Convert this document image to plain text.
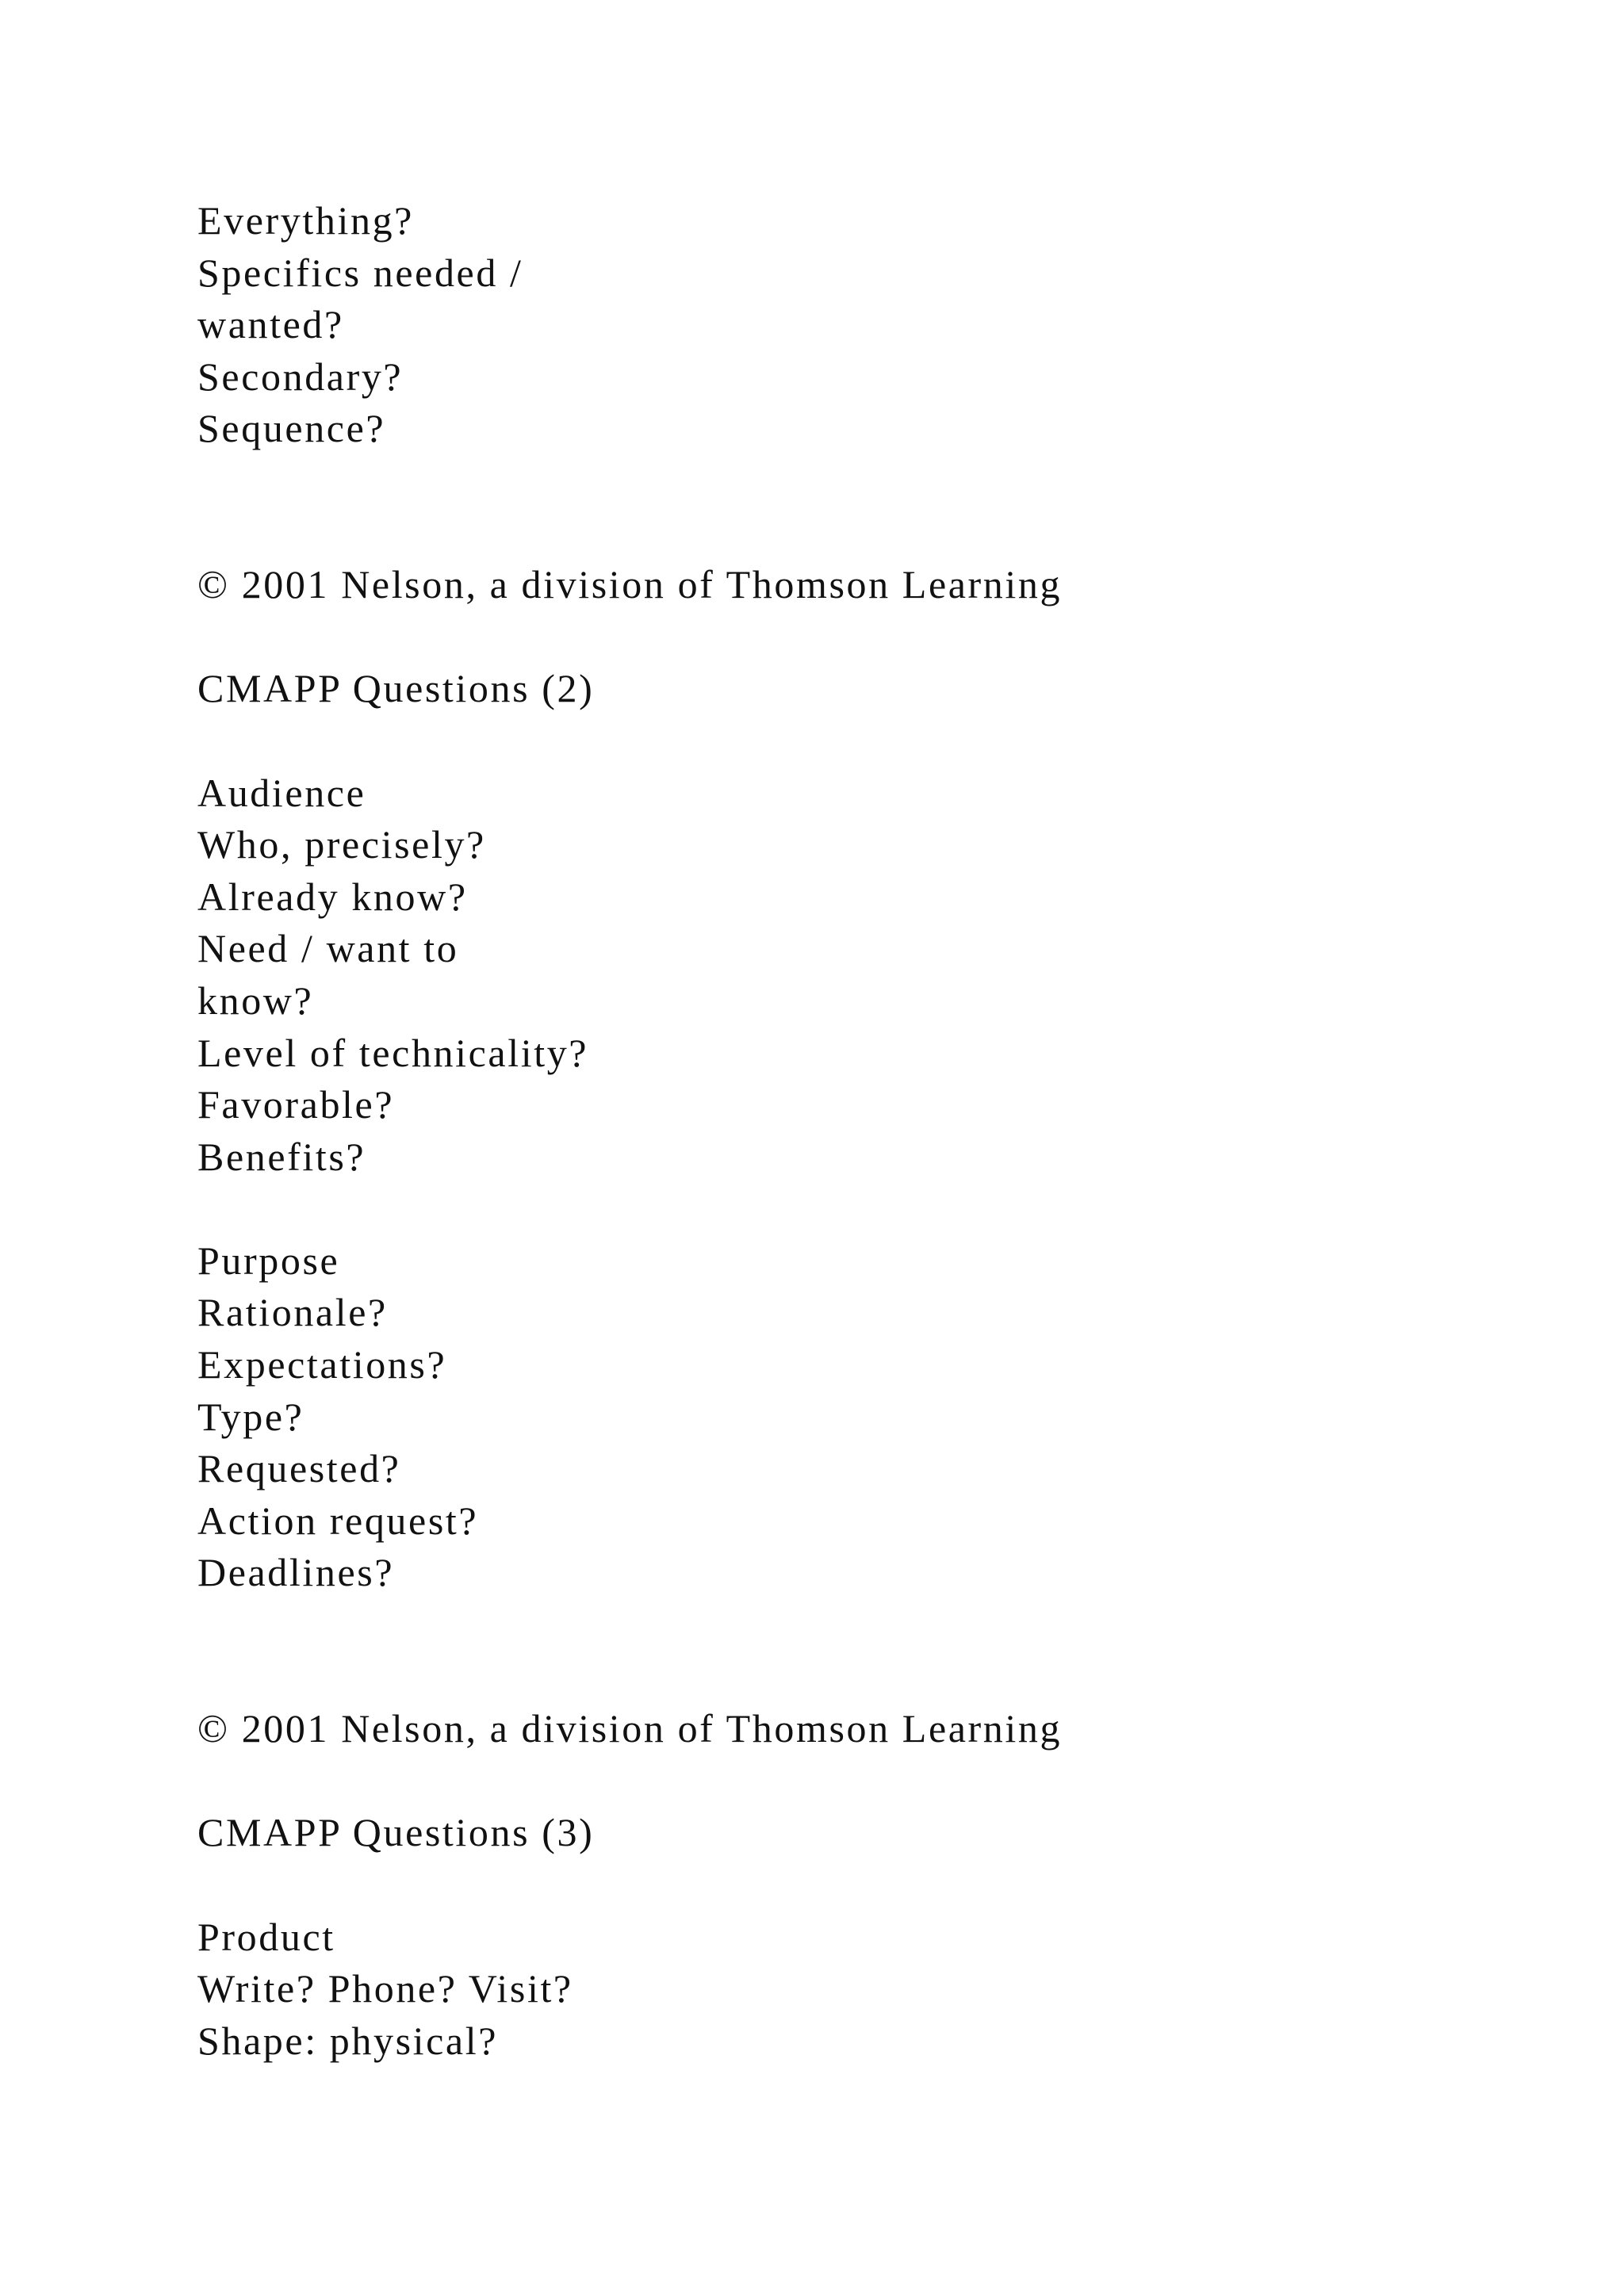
Everything?
Specifics needed /
wanted?
Secondary?
Sequence?
© 2001 Nelson, a division of Thomson Learning
CMAPP Questions (2)
Audience
Who, precisely?
Already know?
Need / want to
know?
Level of technicality?
Favorable?
Benefits?
Purpose
Rationale?
Expectations?
Type?
Requested?
Action request?
Deadlines?
© 2001 Nelson, a division of Thomson Learning
CMAPP Questions (3)
Product
Write? Phone? Visit?
Shape: physical?
